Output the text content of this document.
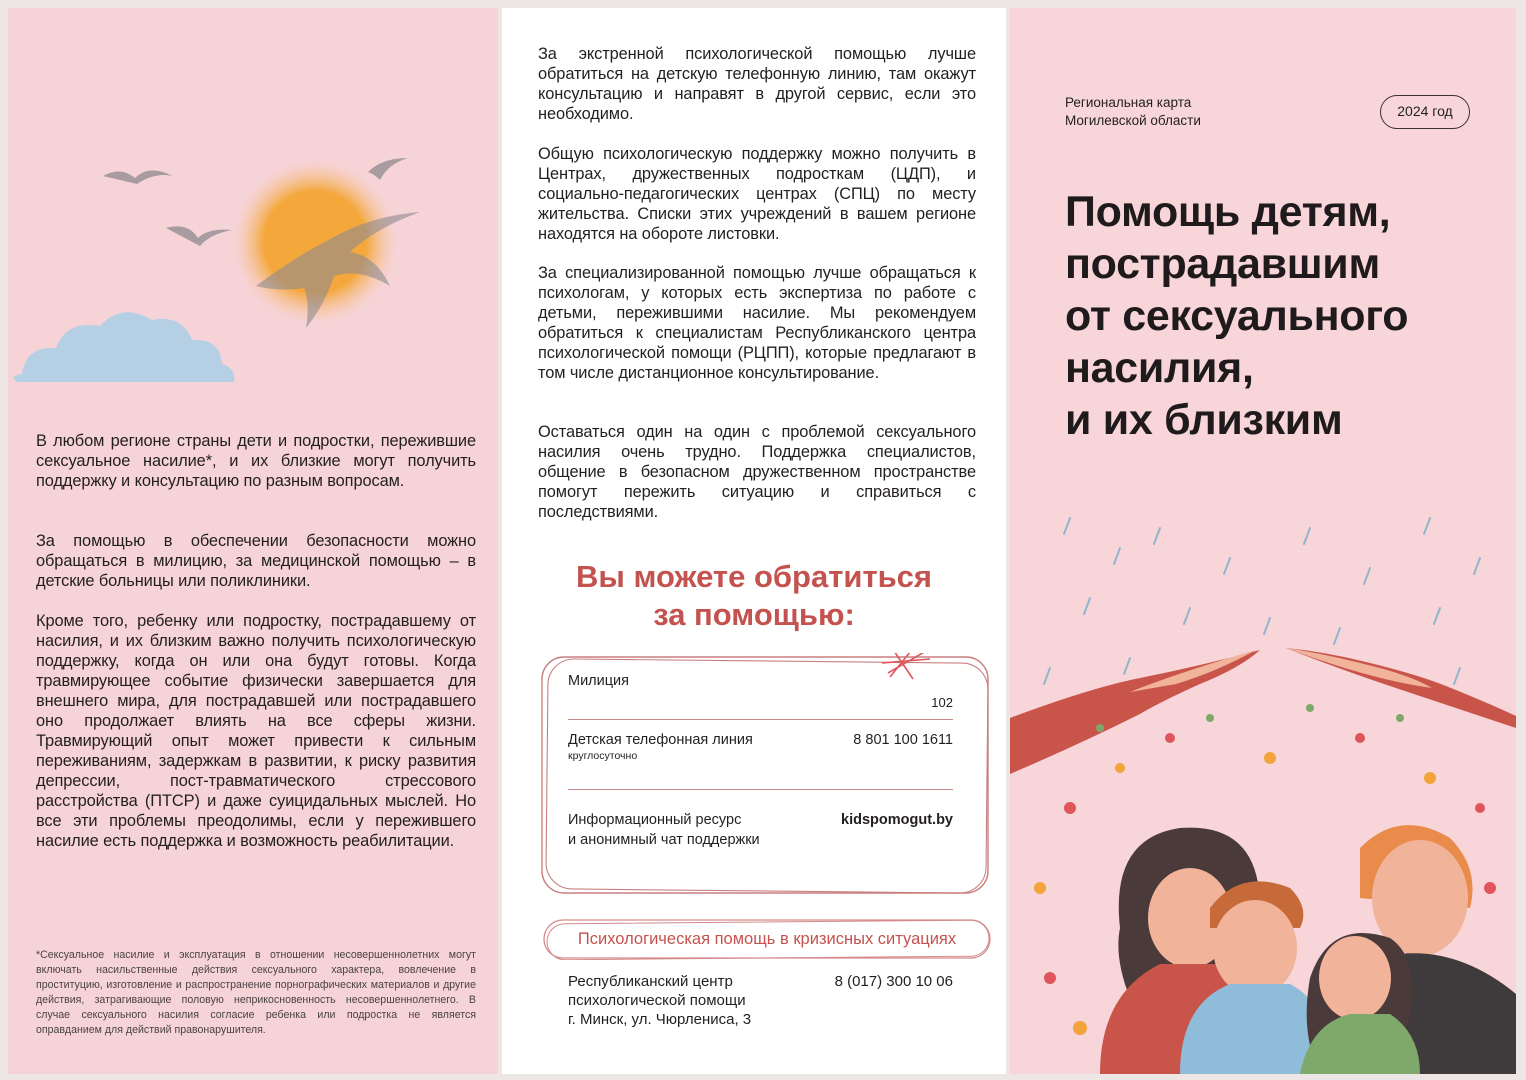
В любом регионе страны дети и подростки, пережившие сексуальное насилие*, и их близкие могут получить поддержку и консультацию по разным вопросам.

За помощью в обеспечении безопасности можно обращаться в милицию, за медицинской помощью – в детские больницы или поликлиники.

Кроме того, ребенку или подростку, пострадавшему от насилия, и их близким важно получить психологическую поддержку, когда он или она будут готовы. Когда травмирующее событие физически завершается для внешнего мира, для пострадавшей или пострадавшего оно продолжает влиять на все сферы жизни. Травмирующий опыт может привести к сильным переживаниям, задержкам в развитии, к риску развития депрессии, пост-травматического стрессового расстройства (ПТСР) и даже суицидальных мыслей. Но все эти проблемы преодолимы, если у пережившего насилие есть поддержка и возможность реабилитации.

*Сексуальное насилие и эксплуатация в отношении несовершеннолетних могут включать насильственные действия сексуального характера, вовлечение в проституцию, изготовление и распространение порнографических материалов и другие действия, затрагивающие половую неприкосновенность несовершеннолетнего. В случае сексуального насилия согласие ребенка или подростка не является оправданием для действий правонарушителя.

За экстренной психологической помощью лучше обратиться на детскую телефонную линию, там окажут консультацию и направят в другой сервис, если это необходимо.

Общую психологическую поддержку можно получить в Центрах, дружественных подросткам (ЦДП), и социально-педагогических центрах (СПЦ) по месту жительства. Списки этих учреждений в вашем регионе находятся на обороте листовки.

За специализированной помощью лучше обращаться к психологам, у которых есть экспертиза по работе с детьми, пережившими насилие. Мы рекомендуем обратиться к специалистам Республиканского центра психологической помощи (РЦПП), которые предлагают в том числе дистанционное консультирование.

Оставаться один на один с проблемой сексуального насилия очень трудно. Поддержка специалистов, общение в безопасном дружественном пространстве помогут пережить ситуацию и справиться с последствиями.

Вы можете обратиться
за помощью:
Милиция
102
Детская телефонная линия
круглосуточно
8 801 100 1611
Информационный ресурс
и анонимный чат поддержки
kidspomogut.by
Психологическая помощь в кризисных ситуациях
Республиканский центр
психологической помощи
г. Минск, ул. Чюрлениса, 3
8 (017) 300 10 06
Региональная карта
Могилевской области
2024 год
Помощь детям,
пострадавшим
от сексуального
насилия,
и их близким
